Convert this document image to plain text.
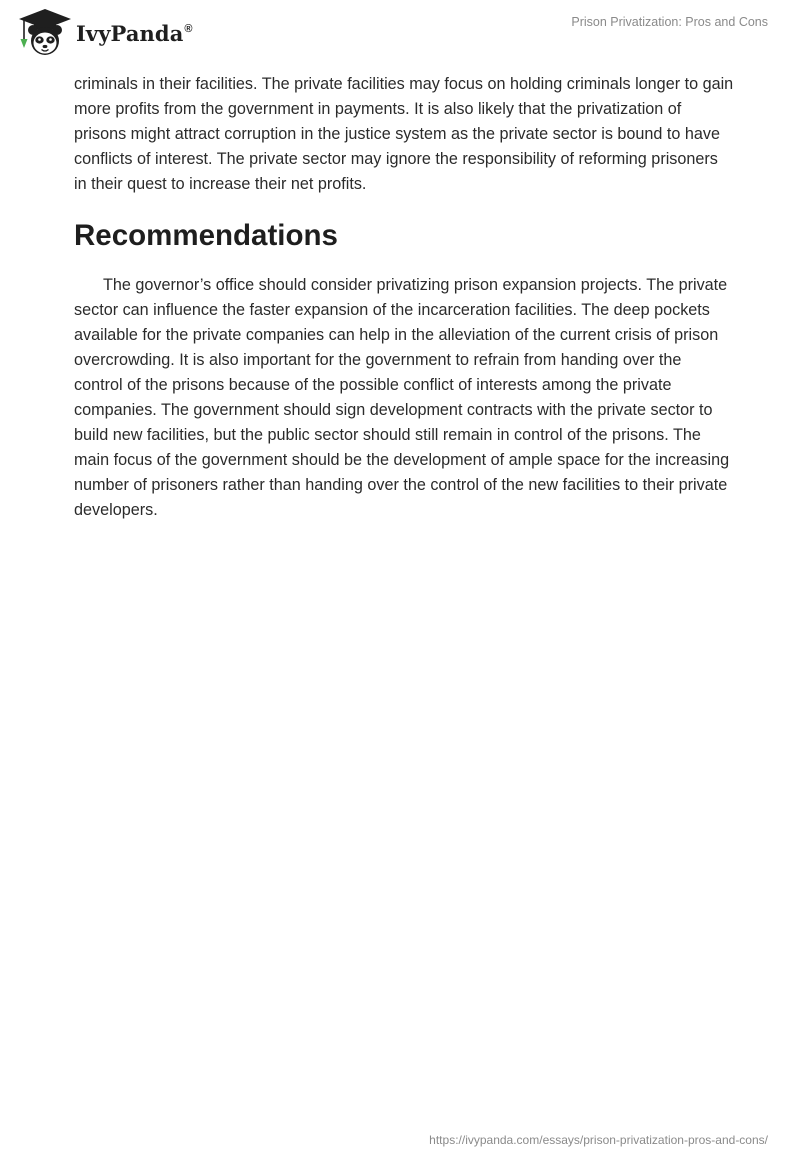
IvyPanda®	Prison Privatization: Pros and Cons

criminals in their facilities. The private facilities may focus on holding criminals longer to gain more profits from the government in payments. It is also likely that the privatization of prisons might attract corruption in the justice system as the private sector is bound to have conflicts of interest. The private sector may ignore the responsibility of reforming prisoners in their quest to increase their net profits.

Recommendations

The governor’s office should consider privatizing prison expansion projects. The private sector can influence the faster expansion of the incarceration facilities. The deep pockets available for the private companies can help in the alleviation of the current crisis of prison overcrowding. It is also important for the government to refrain from handing over the control of the prisons because of the possible conflict of interests among the private companies. The government should sign development contracts with the private sector to build new facilities, but the public sector should still remain in control of the prisons. The main focus of the government should be the development of ample space for the increasing number of prisoners rather than handing over the control of the new facilities to their private developers.

https://ivypanda.com/essays/prison-privatization-pros-and-cons/
